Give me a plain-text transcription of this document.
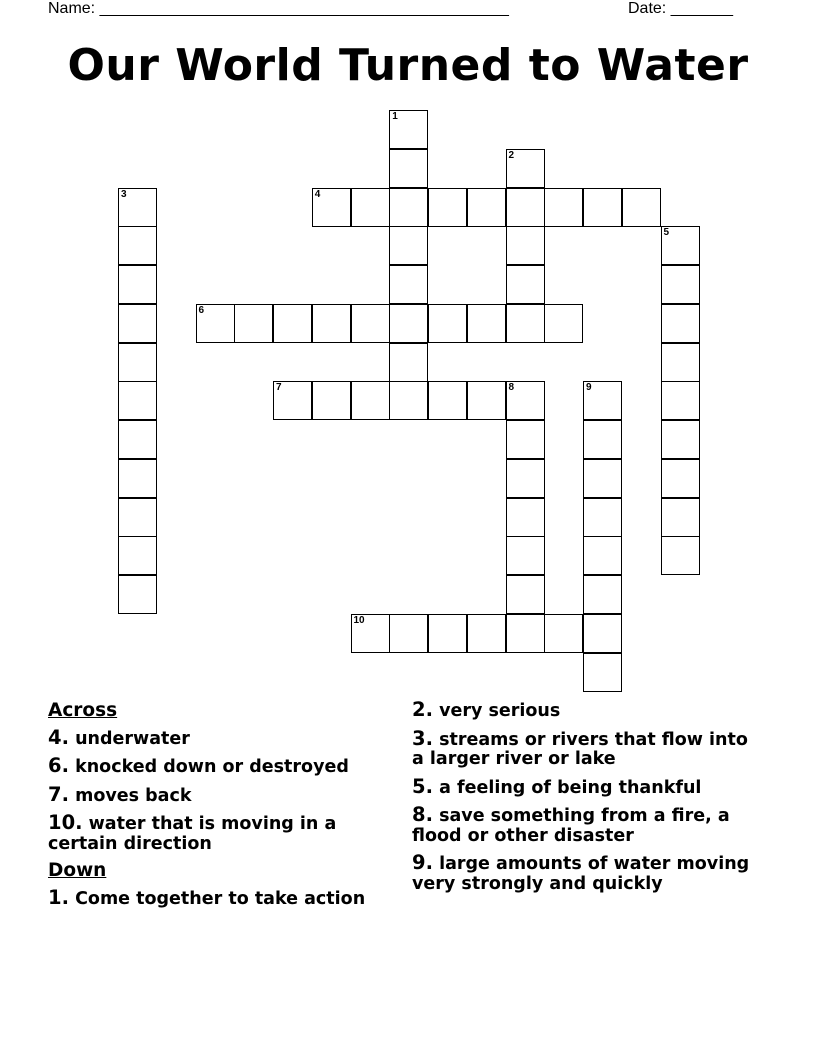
Name: ______________________________________________	Date: _______
Our World Turned to Water
1
2
3	4
5
6
7	8	9
10
Across
4. underwater
6. knocked down or destroyed
7. moves back
10. water that is moving in a certain direction
Down
1. Come together to take action
2. very serious
3. streams or rivers that flow into a larger river or lake
5. a feeling of being thankful
8. save something from a fire, a flood or other disaster
9. large amounts of water moving very strongly and quickly
